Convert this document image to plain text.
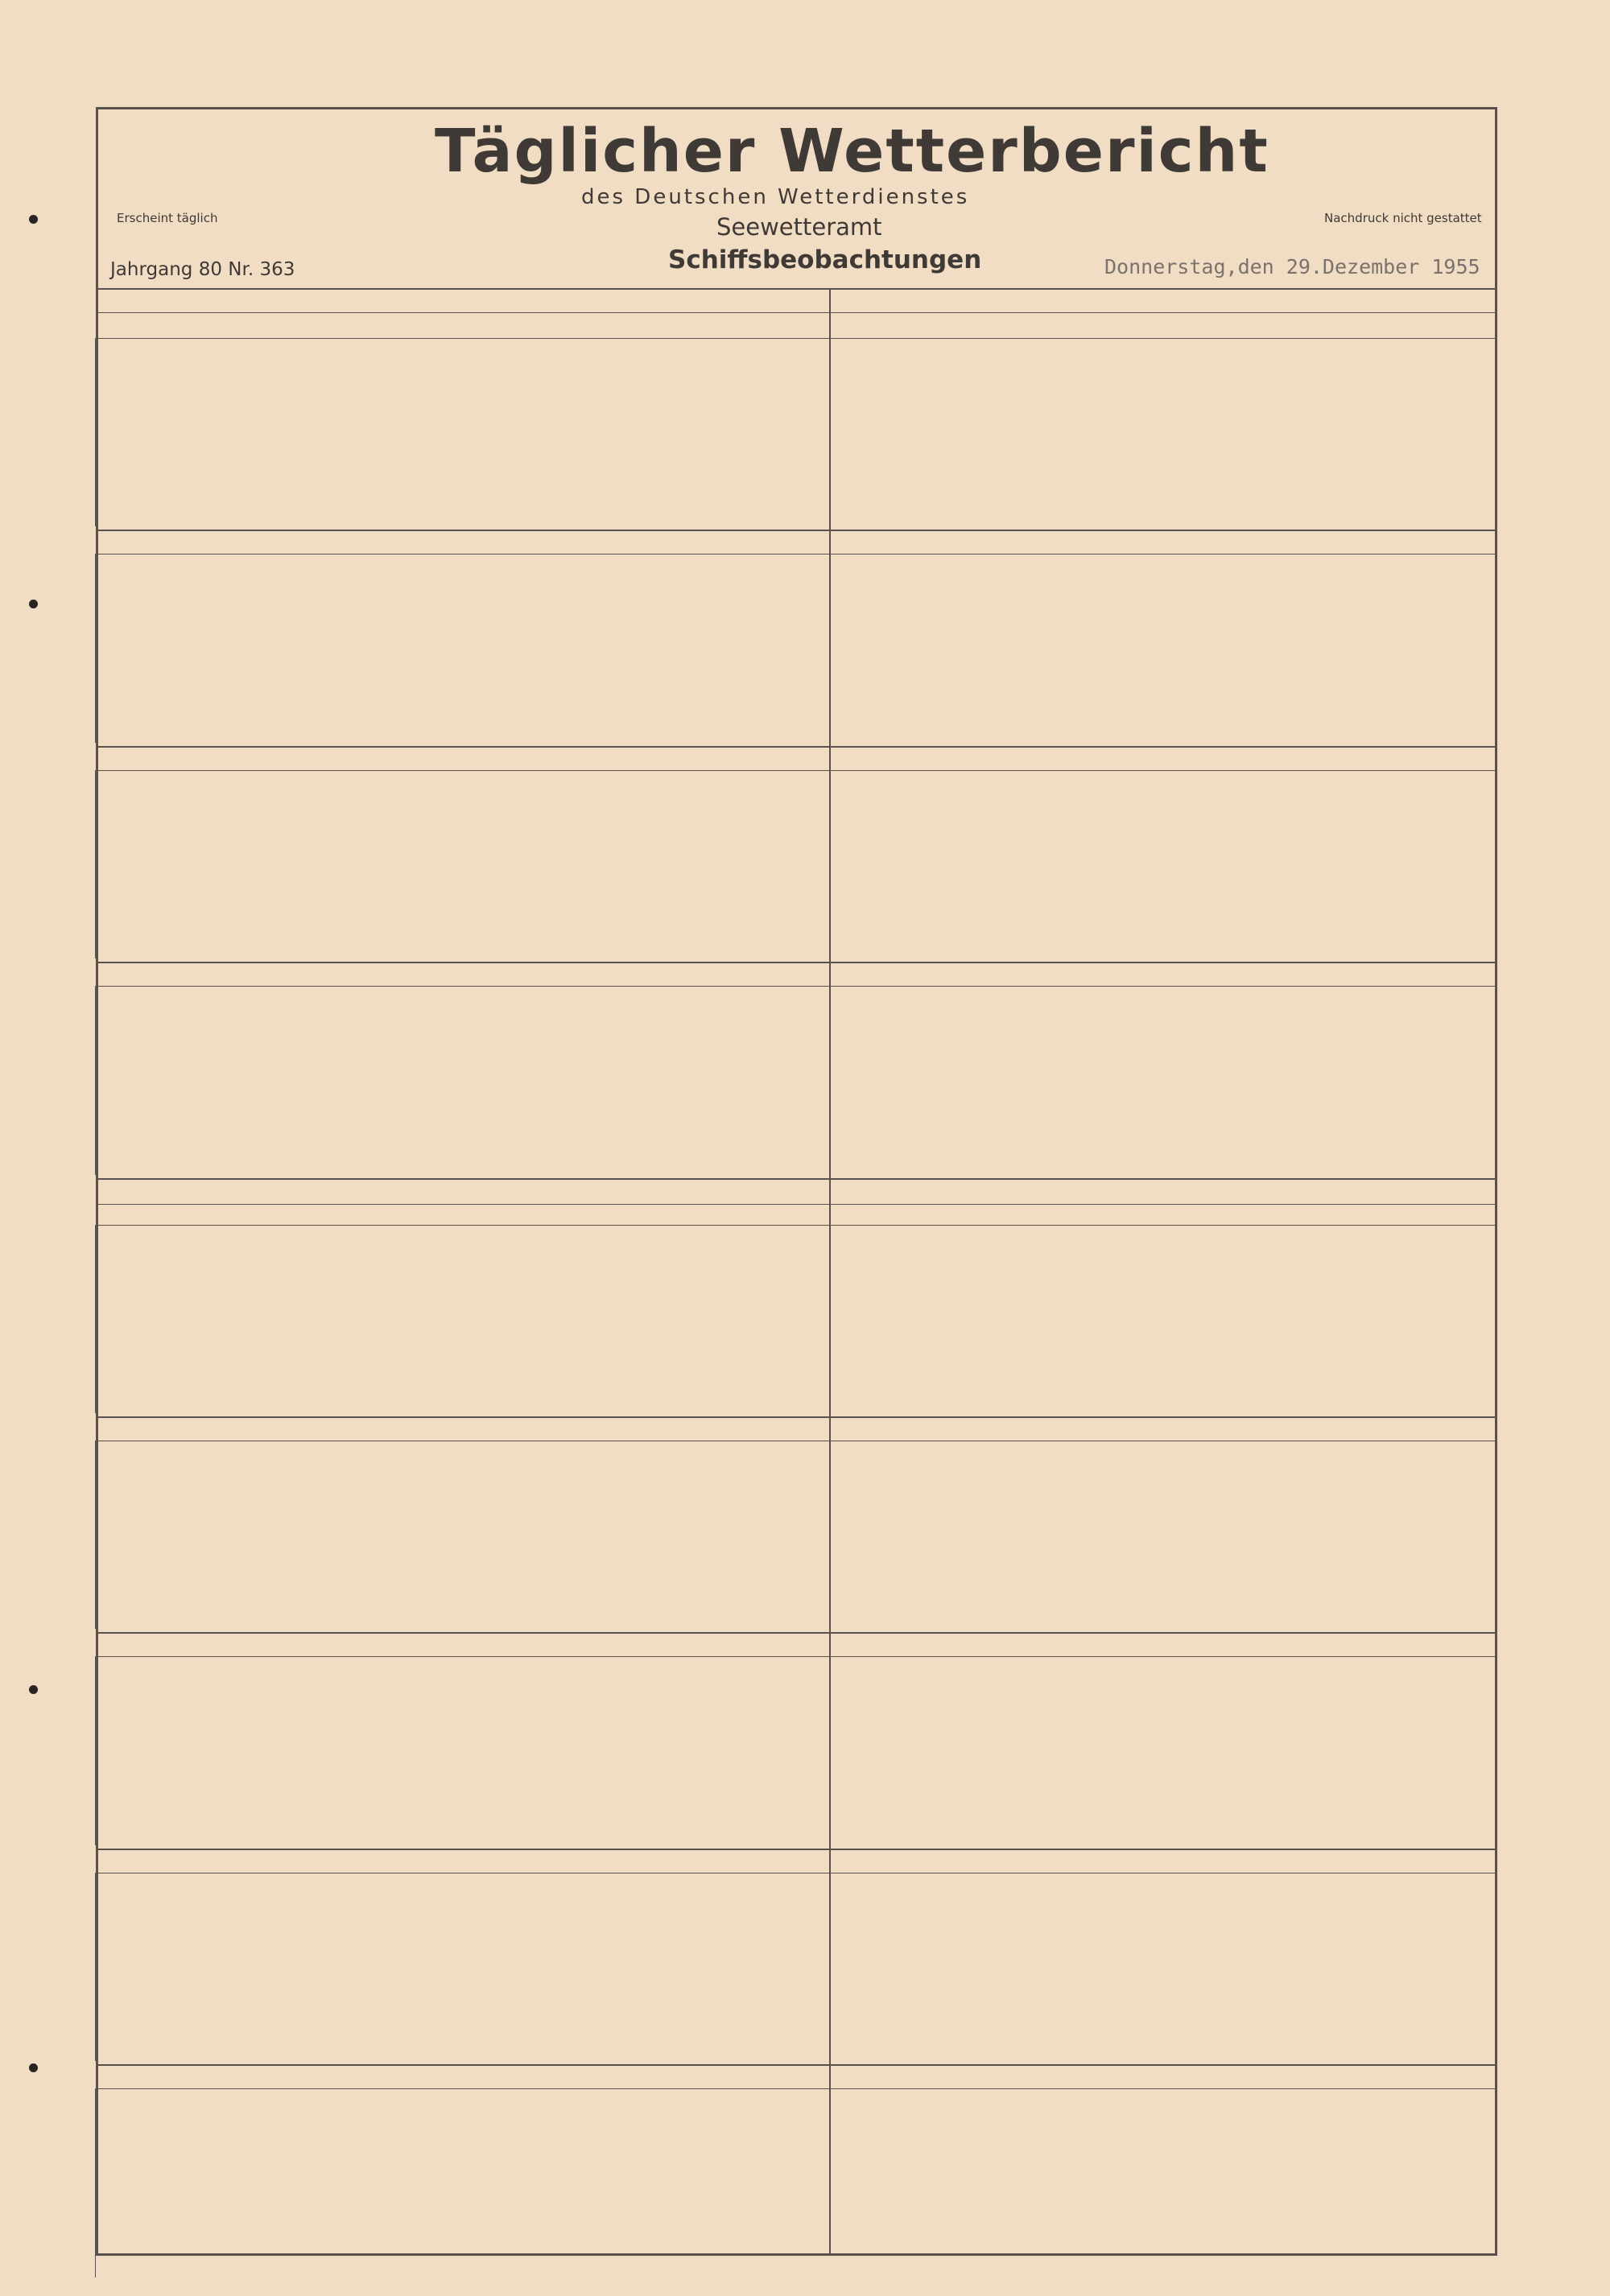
Täglicher Wetterbericht
des Deutschen Wetterdienstes
Seewetteramt
Schiffsbeobachtungen
Erscheint täglich	Nachdruck nicht gestattet
Jahrgang 80 Nr. 363	Donnerstag,den 29.Dezember 1955
